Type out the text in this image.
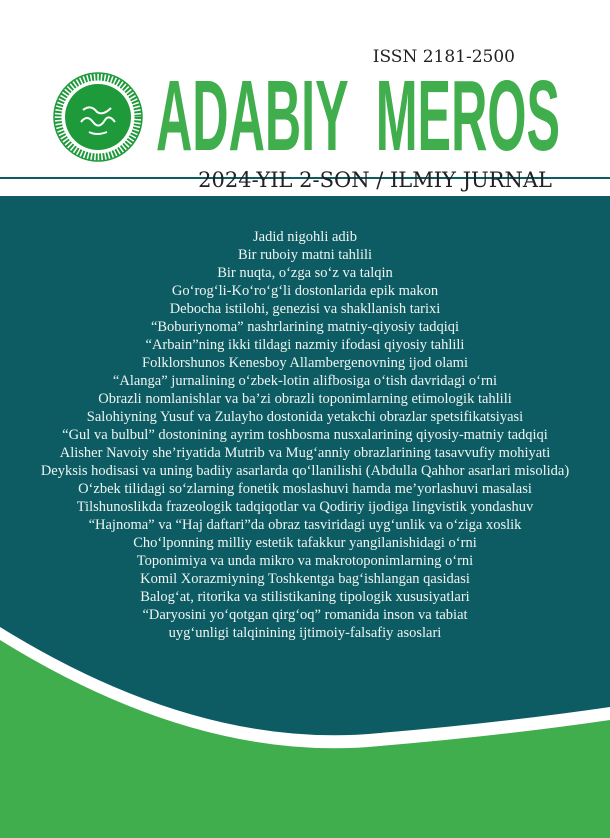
ISSN 2181-2500
ADABIY  MEROS
2024-YIL 2-SON / ILMIY JURNAL
Jadid nigohli adib
Bir ruboiy matni tahlili
Bir nuqta, o‘zga so‘z va talqin
Go‘rog‘li-Ko‘ro‘g‘li dostonlarida epik makon
Debocha istilohi, genezisi va shakllanish tarixi
“Boburiynoma” nashrlarining matniy-qiyosiy tadqiqi
“Arbain”ning ikki tildagi nazmiy ifodasi qiyosiy tahlili
Folklorshunos Kenesboy Allambergenovning ijod olami
“Alanga” jurnalining o‘zbek-lotin alifbosiga o‘tish davridagi o‘rni
Obrazli nomlanishlar va ba’zi obrazli toponimlarning etimologik tahlili
Salohiyning Yusuf va Zulayho dostonida yetakchi obrazlar spetsifikatsiyasi
“Gul va bulbul” dostonining ayrim toshbosma nusxalarining qiyosiy-matniy tadqiqi
Alisher Navoiy she’riyatida Mutrib va Mug‘anniy obrazlarining tasavvufiy mohiyati
Deyksis hodisasi va uning badiiy asarlarda qo‘llanilishi (Abdulla Qahhor asarlari misolida)
O‘zbek tilidagi so‘zlarning fonetik moslashuvi hamda me’yorlashuvi masalasi
Tilshunoslikda frazeologik tadqiqotlar va Qodiriy ijodiga lingvistik yondashuv
“Hajnoma” va “Haj daftari”da obraz tasviridagi uyg‘unlik va o‘ziga xoslik
Cho‘lponning milliy estetik tafakkur yangilanishidagi o‘rni
Toponimiya va unda mikro va makrotoponimlarning o‘rni
Komil Xorazmiyning Toshkentga bag‘ishlangan qasidasi
Balog‘at, ritorika va stilistikaning tipologik xususiyatlari
“Daryosini yo‘qotgan qirg‘oq” romanida inson va tabiat
uyg‘unligi talqinining ijtimoiy-falsafiy asoslari
